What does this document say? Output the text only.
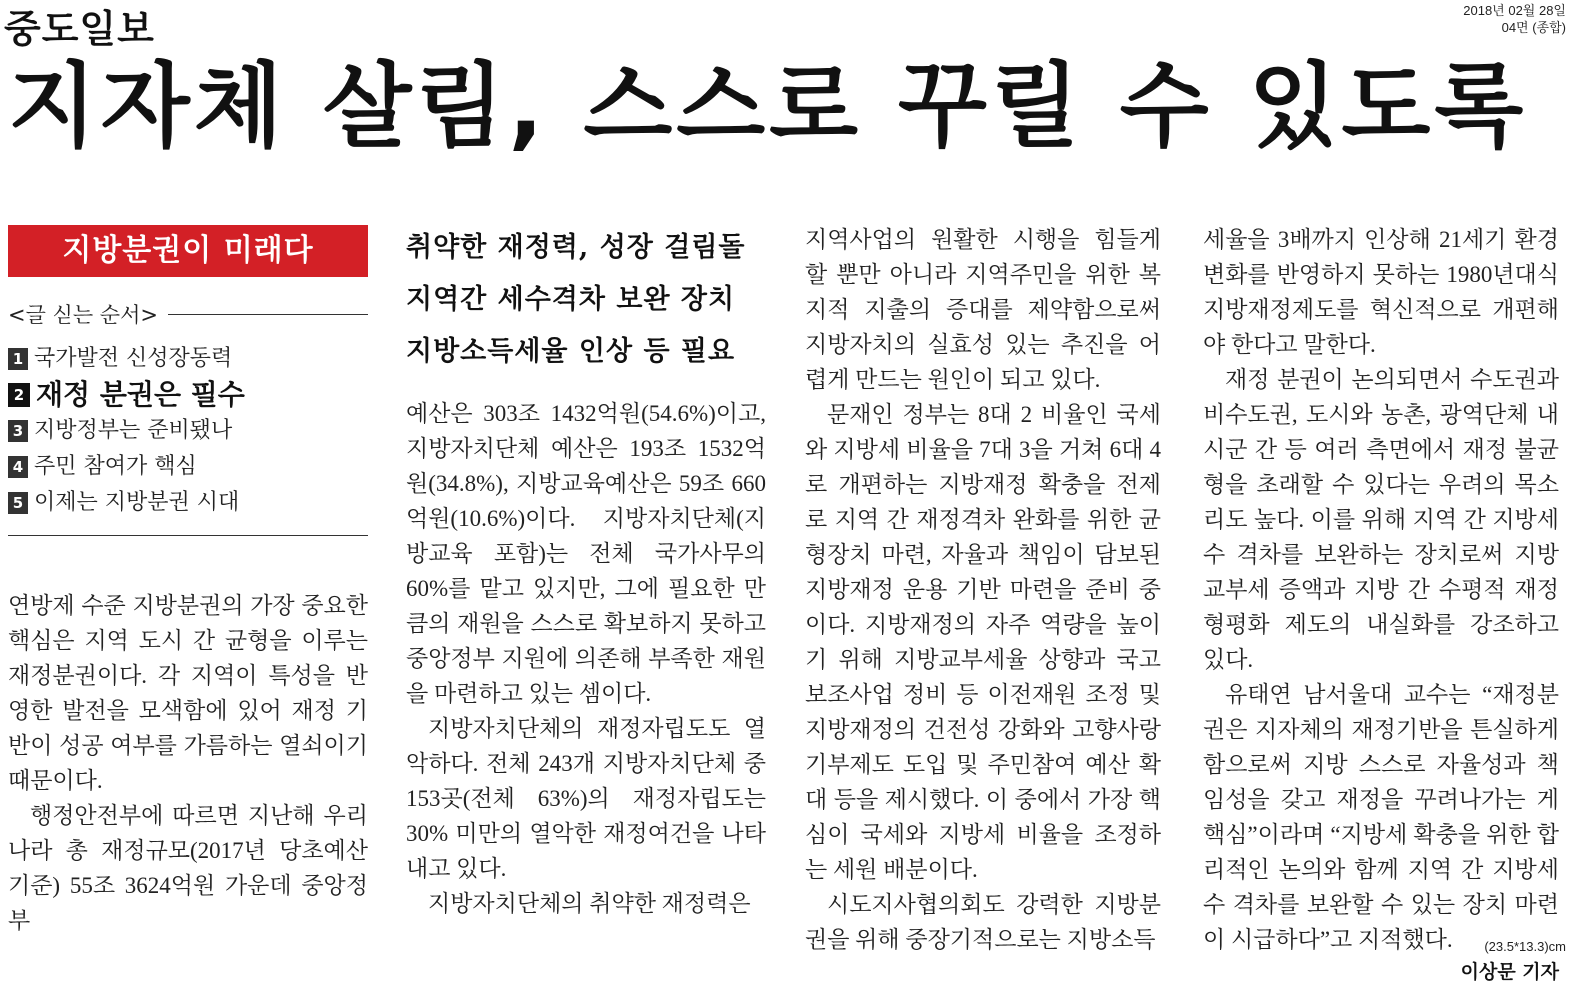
중도일보	2018년 02월 28일
04면 (종합)
지자체 살림, 스스로 꾸릴 수 있도록
지방분권이 미래다
<글 싣는 순서>
1 국가발전 신성장동력
2 재정 분권은 필수
3 지방정부는 준비됐나
4 주민 참여가 핵심
5 이제는 지방분권 시대

연방제 수준 지방분권의 가장 중요한 핵심은 지역 도시 간 균형을 이루는 재정분권이다. 각 지역이 특성을 반영한 발전을 모색함에 있어 재정 기반이 성공 여부를 가름하는 열쇠이기 때문이다.

행정안전부에 따르면 지난해 우리나라 총 재정규모(2017년 당초예산 기준) 55조 3624억원 가운데 중앙정부

취약한 재정력, 성장 걸림돌
지역간 세수격차 보완 장치
지방소득세율 인상 등 필요

예산은 303조 1432억원(54.6%)이고, 지방자치단체 예산은 193조 1532억원(34.8%), 지방교육예산은 59조 660억원(10.6%)이다. 지방자치단체(지방교육 포함)는 전체 국가사무의 60%를 맡고 있지만, 그에 필요한 만큼의 재원을 스스로 확보하지 못하고 중앙정부 지원에 의존해 부족한 재원을 마련하고 있는 셈이다.

지방자치단체의 재정자립도도 열악하다. 전체 243개 지방자치단체 중 153곳(전체 63%)의 재정자립도는 30% 미만의 열악한 재정여건을 나타내고 있다.

지방자치단체의 취약한 재정력은

지역사업의 원활한 시행을 힘들게 할 뿐만 아니라 지역주민을 위한 복지적 지출의 증대를 제약함으로써 지방자치의 실효성 있는 추진을 어렵게 만드는 원인이 되고 있다.

문재인 정부는 8대 2 비율인 국세와 지방세 비율을 7대 3을 거쳐 6대 4로 개편하는 지방재정 확충을 전제로 지역 간 재정격차 완화를 위한 균형장치 마련, 자율과 책임이 담보된 지방재정 운용 기반 마련을 준비 중이다. 지방재정의 자주 역량을 높이기 위해 지방교부세율 상향과 국고보조사업 정비 등 이전재원 조정 및 지방재정의 건전성 강화와 고향사랑 기부제도 도입 및 주민참여 예산 확대 등을 제시했다. 이 중에서 가장 핵심이 국세와 지방세 비율을 조정하는 세원 배분이다.

시도지사협의회도 강력한 지방분권을 위해 중장기적으로는 지방소득

세율을 3배까지 인상해 21세기 환경 변화를 반영하지 못하는 1980년대식 지방재정제도를 혁신적으로 개편해야 한다고 말한다.

재정 분권이 논의되면서 수도권과 비수도권, 도시와 농촌, 광역단체 내 시군 간 등 여러 측면에서 재정 불균형을 초래할 수 있다는 우려의 목소리도 높다. 이를 위해 지역 간 지방세수 격차를 보완하는 장치로써 지방교부세 증액과 지방 간 수평적 재정 형평화 제도의 내실화를 강조하고 있다.

유태연 남서울대 교수는 “재정분권은 지자체의 재정기반을 튼실하게 함으로써 지방 스스로 자율성과 책임성을 갖고 재정을 꾸려나가는 게 핵심”이라며 “지방세 확충을 위한 합리적인 논의와 함께 지역 간 지방세수 격차를 보완할 수 있는 장치 마련이 시급하다”고 지적했다.

이상문 기자
(23.5*13.3)cm
